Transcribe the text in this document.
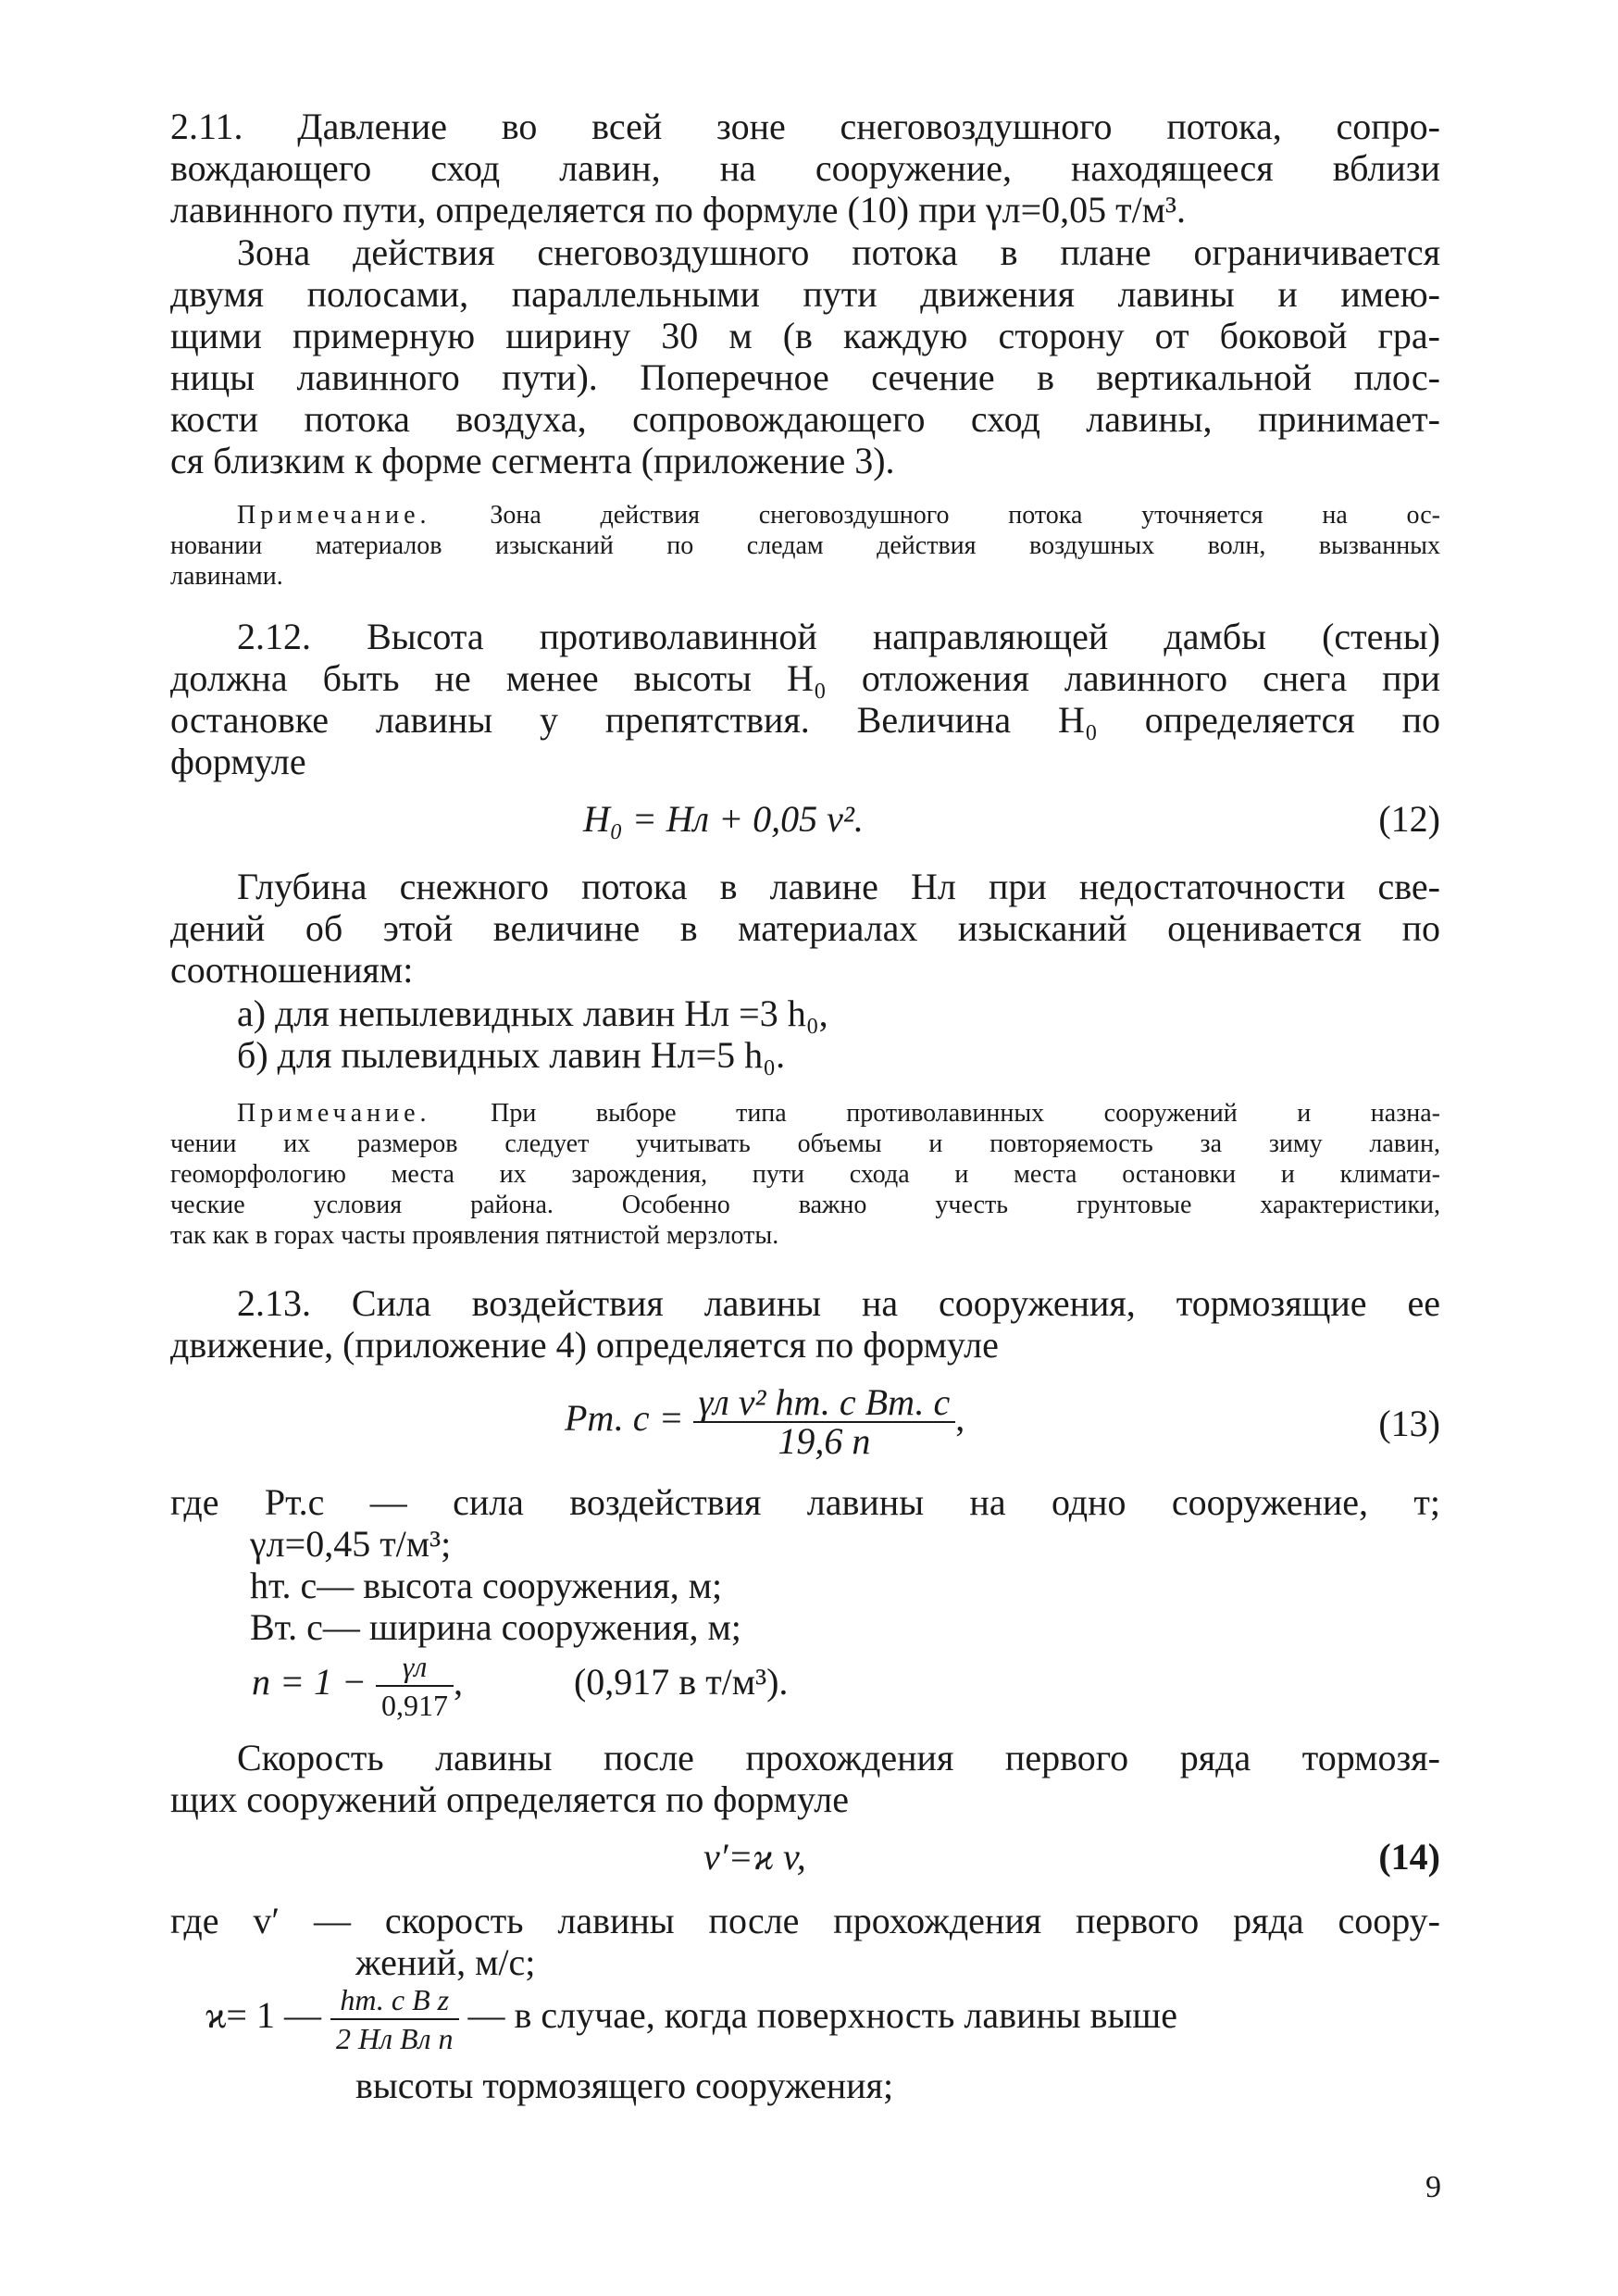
2.11. Давление во всей зоне снеговоздушного потока, сопро-

вождающего сход лавин, на сооружение, находящееся вблизи

лавинного пути, определяется по формуле (10) при γл=0,05 т/м³.

Зона действия снеговоздушного потока в плане ограничивается

двумя полосами, параллельными пути движения лавины и имею-

щими примерную ширину 30 м (в каждую сторону от боковой гра-

ницы лавинного пути). Поперечное сечение в вертикальной плос-

кости потока воздуха, сопровождающего сход лавины, принимает-

ся близким к форме сегмента (приложение 3).

Примечание. Зона действия снеговоздушного потока уточняется на ос-

новании материалов изысканий по следам действия воздушных волн, вызванных

лавинами.

2.12. Высота противолавинной направляющей дамбы (стены)

должна быть не менее высоты H₀ отложения лавинного снега при

остановке лавины у препятствия. Величина H₀ определяется по

формуле

H₀ = Hл + 0,05 v².	(12)

Глубина снежного потока в лавине Hл при недостаточности све-

дений об этой величине в материалах изысканий оценивается по

соотношениям:

а) для непылевидных лавин Hл =3 h₀,
б) для пылевидных лавин Hл=5 h₀.

Примечание. При выборе типа противолавинных сооружений и назна-

чении их размеров следует учитывать объемы и повторяемость за зиму лавин,

геоморфологию места их зарождения, пути схода и места остановки и климати-

ческие условия района. Особенно важно учесть грунтовые характеристики,

так как в горах часты проявления пятнистой мерзлоты.

2.13. Сила воздействия лавины на сооружения, тормозящие ее

движение, (приложение 4) определяется по формуле

Pт. $с = \frac{\text{γл v² hт. с Bт. с}}{19,6 n}$ ,	(13)

где Pт.с — сила воздействия лавины на одно сооружение, т;

γл=0,45 т/м³;

hт. с— высота сооружения, м;

Bт. с— ширина сооружения, м;

$n = 1 - \frac{\gamma л}{0,917}$ ,	(0,917 в т/м³).

Скорость лавины после прохождения первого ряда тормозя-

щих сооружений определяется по формуле

v′=ϰ v,	(14)

где v′ — скорость лавины после прохождения первого ряда соору-

жений, м/с;

ϰ= 1 — $\frac{\text{hт. с B z}}{\text{2 Hл Bл n}}$ — в случае, когда поверхность лавины выше
высоты тормозящего сооружения;
9
